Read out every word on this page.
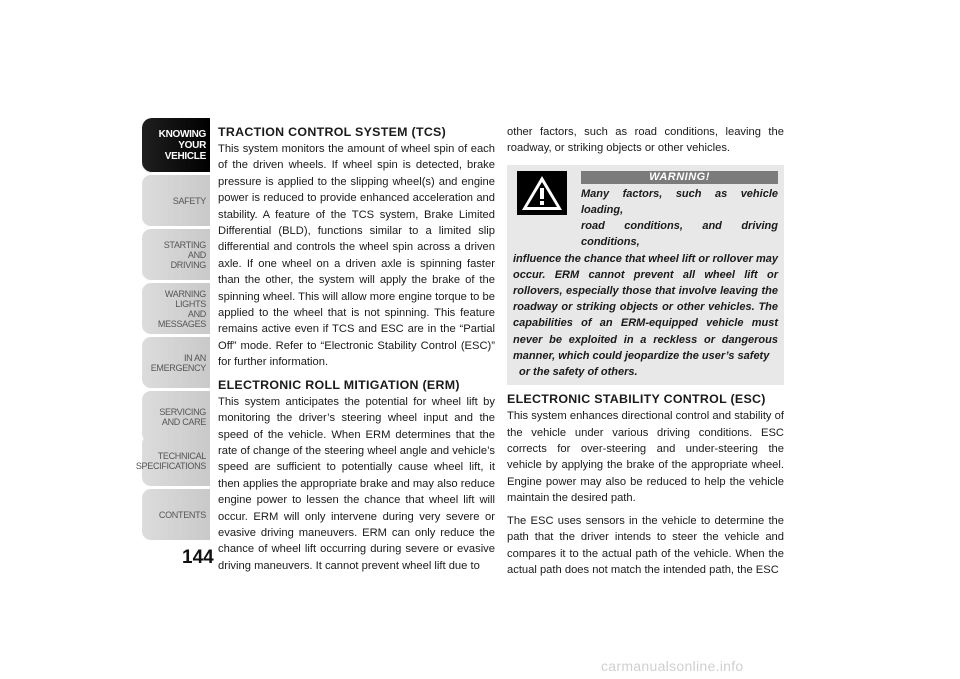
KNOWING
YOUR
VEHICLE
SAFETY
STARTING
AND
DRIVING
WARNING
LIGHTS
AND
MESSAGES
IN AN
EMERGENCY
SERVICING
AND CARE
TECHNICAL
SPECIFICATIONS
CONTENTS
144
TRACTION CONTROL SYSTEM (TCS)

This system monitors the amount of wheel spin of each of the driven wheels. If wheel spin is detected, brake pressure is applied to the slipping wheel(s) and engine power is reduced to provide enhanced acceleration and stability. A feature of the TCS system, Brake Limited Differential (BLD), functions similar to a limited slip differential and controls the wheel spin across a driven axle. If one wheel on a driven axle is spinning faster than the other, the system will apply the brake of the spinning wheel. This will allow more engine torque to be applied to the wheel that is not spinning. This feature remains active even if TCS and ESC are in the “Partial Off” mode. Refer to “Electronic Stability Control (ESC)” for further information.

ELECTRONIC ROLL MITIGATION (ERM)

This system anticipates the potential for wheel lift by monitoring the driver’s steering wheel input and the speed of the vehicle. When ERM determines that the rate of change of the steering wheel angle and vehicle’s speed are sufficient to potentially cause wheel lift, it then applies the appropriate brake and may also reduce engine power to lessen the chance that wheel lift will occur. ERM will only intervene during very severe or evasive driving maneuvers. ERM can only reduce the chance of wheel lift occurring during severe or evasive driving maneuvers. It cannot prevent wheel lift due to

other factors, such as road conditions, leaving the roadway, or striking objects or other vehicles.

WARNING!
Many factors, such as vehicle loading,
road conditions, and driving conditions,
influence the chance that wheel lift or rollover may occur. ERM cannot prevent all wheel lift or rollovers, especially those that involve leaving the roadway or striking objects or other vehicles. The capabilities of an ERM-equipped vehicle must never be exploited in a reckless or dangerous manner, which could jeopardize the user’s safety
or the safety of others.
ELECTRONIC STABILITY CONTROL (ESC)

This system enhances directional control and stability of the vehicle under various driving conditions. ESC corrects for over-steering and under-steering the vehicle by applying the brake of the appropriate wheel. Engine power may also be reduced to help the vehicle maintain the desired path.

The ESC uses sensors in the vehicle to determine the path that the driver intends to steer the vehicle and compares it to the actual path of the vehicle. When the actual path does not match the intended path, the ESC

carmanualsonline.info
